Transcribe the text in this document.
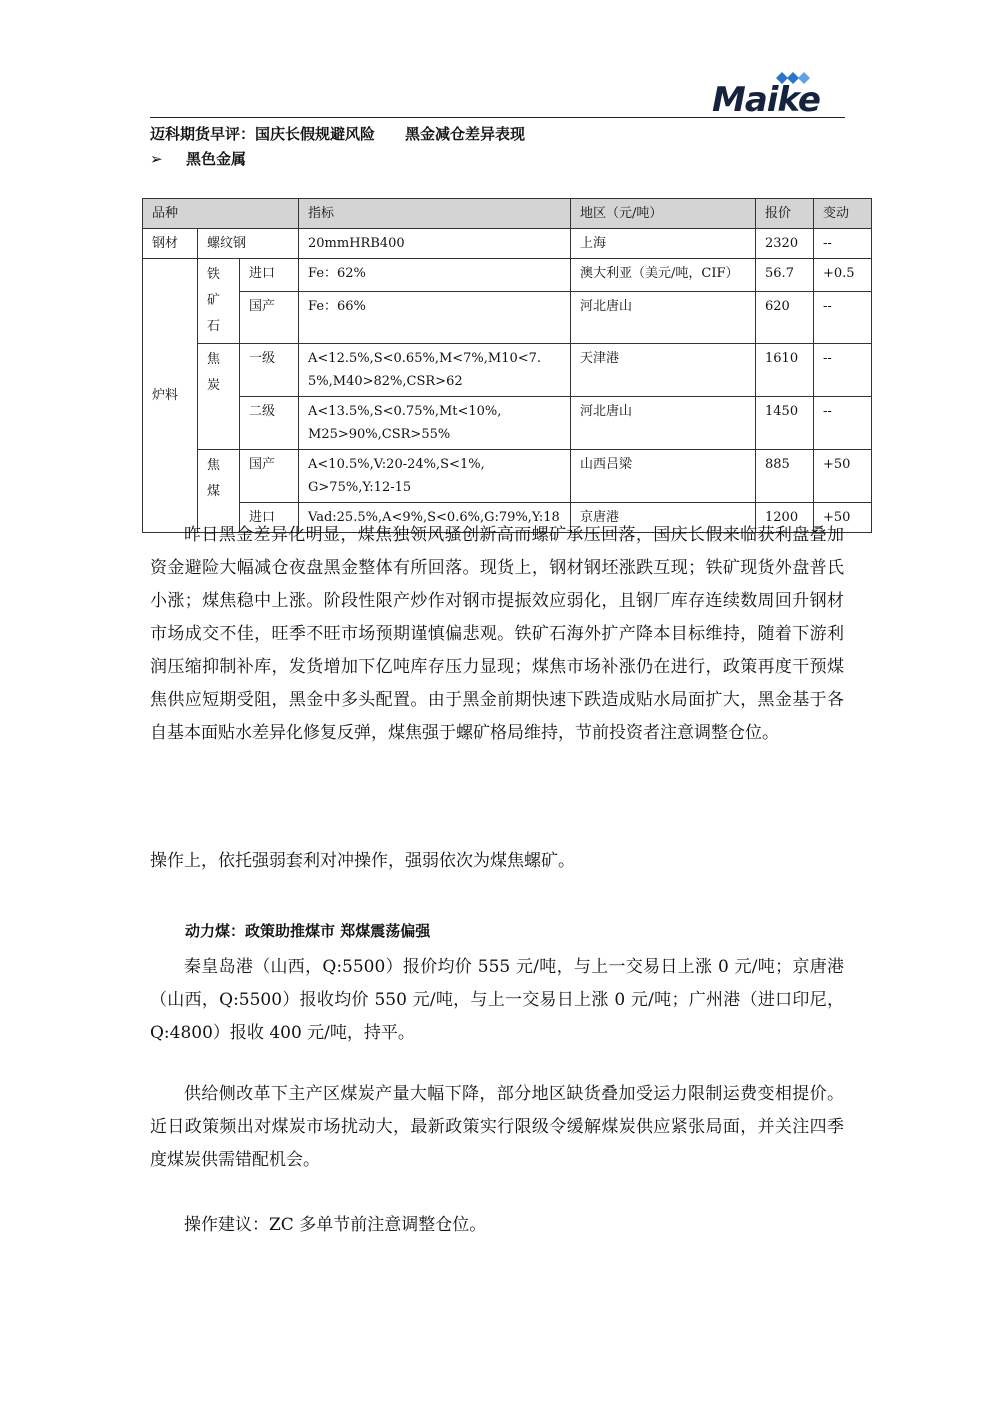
Maike
迈科期货早评：国庆长假规避风险　　黑金减仓差异表现
➢ 黑色金属
品种			指标	地区（元/吨）	报价	变动
钢材	螺纹钢		20mmHRB400	上海	2320	--
炉料	铁矿石	进口	Fe：62%	澳大利亚（美元/吨，CIF）	56.7	+0.5
		国产	Fe：66%	河北唐山	620	--

	焦炭	一级	A<12.5%,S<0.65%,M<7%,M10<7.5%,M40>82%,CSR>62	天津港	1610	--
		二级	A<13.5%,S<0.75%,Mt<10%, M25>90%,CSR>55%	河北唐山	1450	--

	焦煤	国产	A<10.5%,V:20-24%,S<1%, G>75%,Y:12-15	山西吕梁	885	+50
		进口	Vad:25.5%,A<9%,S<0.6%,G:79%,Y:18	京唐港	1200	+50

昨日黑金差异化明显，煤焦独领风骚创新高而螺矿承压回落，国庆长假来临获利盘叠加资金避险大幅减仓夜盘黑金整体有所回落。现货上，钢材钢坯涨跌互现；铁矿现货外盘普氏小涨；煤焦稳中上涨。阶段性限产炒作对钢市提振效应弱化，且钢厂库存连续数周回升钢材市场成交不佳，旺季不旺市场预期谨慎偏悲观。铁矿石海外扩产降本目标维持，随着下游利润压缩抑制补库，发货增加下亿吨库存压力显现；煤焦市场补涨仍在进行，政策再度干预煤焦供应短期受阻，黑金中多头配置。由于黑金前期快速下跌造成贴水局面扩大，黑金基于各自基本面贴水差异化修复反弹，煤焦强于螺矿格局维持，节前投资者注意调整仓位。

操作上，依托强弱套利对冲操作，强弱依次为煤焦螺矿。

动力煤：政策助推煤市 郑煤震荡偏强

秦皇岛港（山西，Q:5500）报价均价 555 元/吨，与上一交易日上涨 0 元/吨；京唐港（山西，Q:5500）报收均价 550 元/吨，与上一交易日上涨 0 元/吨；广州港（进口印尼，Q:4800）报收 400 元/吨，持平。

供给侧改革下主产区煤炭产量大幅下降，部分地区缺货叠加受运力限制运费变相提价。近日政策频出对煤炭市场扰动大，最新政策实行限级令缓解煤炭供应紧张局面，并关注四季度煤炭供需错配机会。

操作建议：ZC 多单节前注意调整仓位。
